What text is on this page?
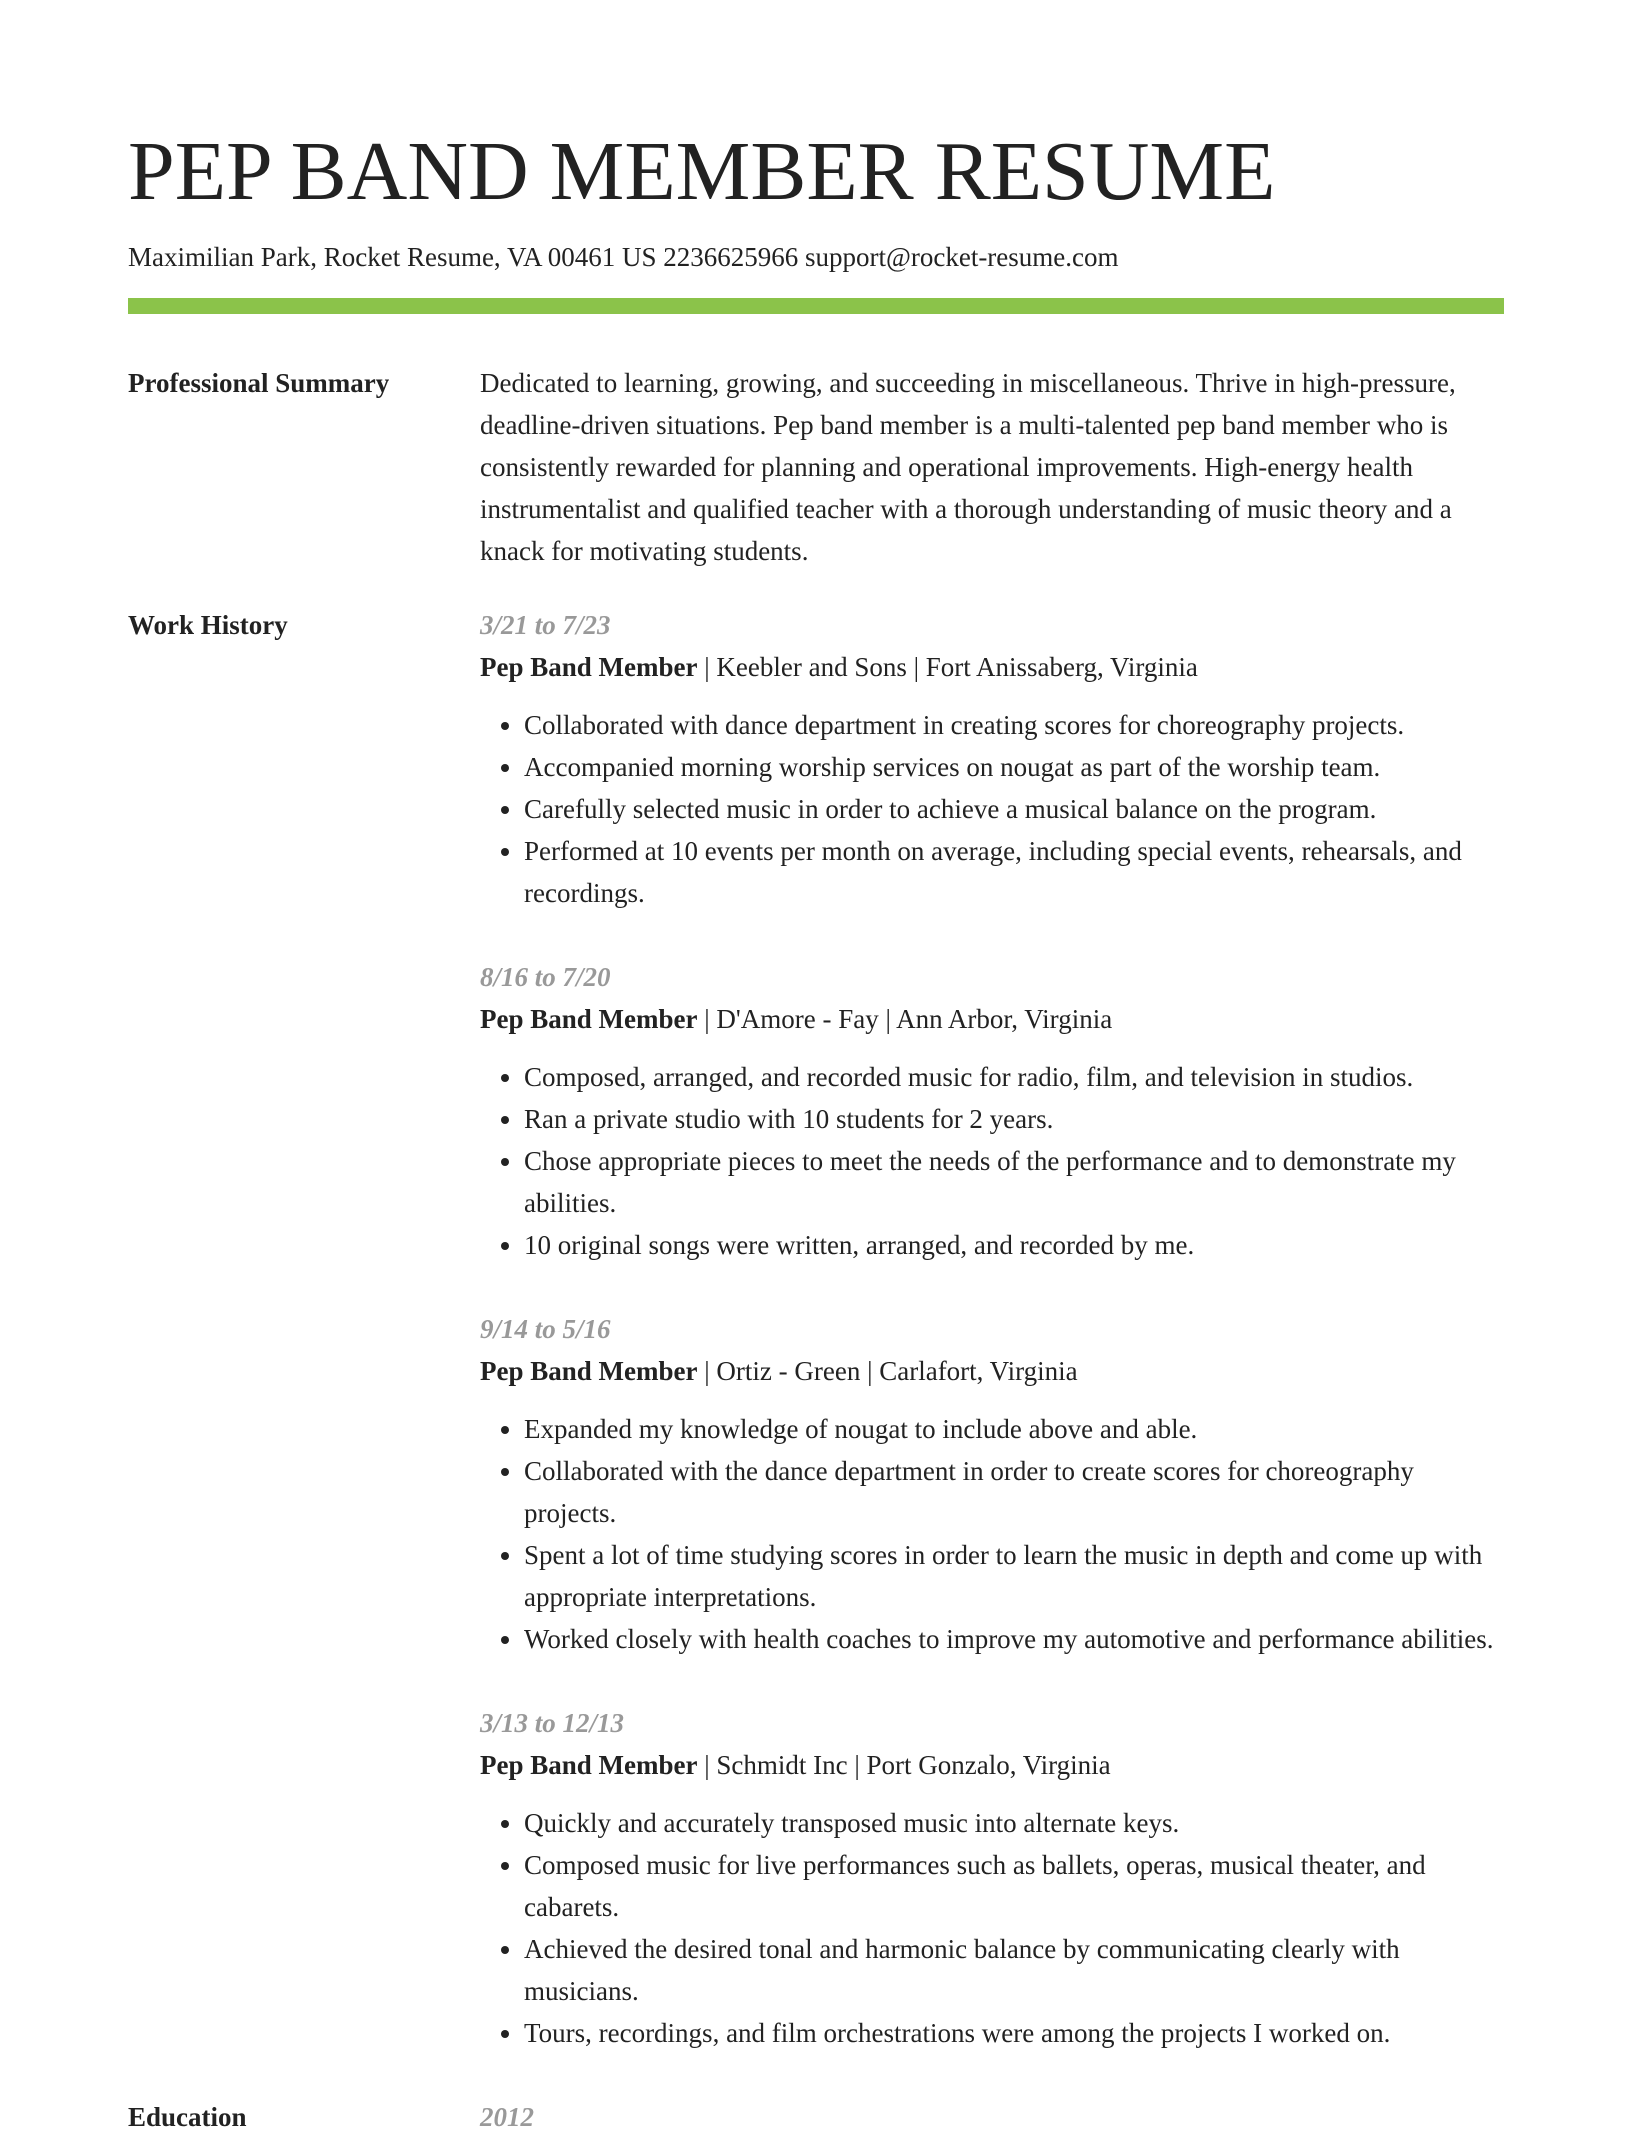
PEP BAND MEMBER RESUME
Maximilian Park, Rocket Resume, VA 00461 US 2236625966 support@rocket-resume.com
Professional Summary	Dedicated to learning, growing, and succeeding in miscellaneous. Thrive in high-pressure, deadline-driven situations. Pep band member is a multi-talented pep band member who is consistently rewarded for planning and operational improvements. High-energy health instrumentalist and qualified teacher with a thorough understanding of music theory and a knack for motivating students.

Work History	3/21 to 7/23
Pep Band Member | Keebler and Sons | Fort Anissaberg, Virginia
• Collaborated with dance department in creating scores for choreography projects.
• Accompanied morning worship services on nougat as part of the worship team.
• Carefully selected music in order to achieve a musical balance on the program.
• Performed at 10 events per month on average, including special events, rehearsals, and recordings.
8/16 to 7/20
Pep Band Member | D'Amore - Fay | Ann Arbor, Virginia
• Composed, arranged, and recorded music for radio, film, and television in studios.
• Ran a private studio with 10 students for 2 years.
• Chose appropriate pieces to meet the needs of the performance and to demonstrate my abilities.
• 10 original songs were written, arranged, and recorded by me.
9/14 to 5/16
Pep Band Member | Ortiz - Green | Carlafort, Virginia
• Expanded my knowledge of nougat to include above and able.
• Collaborated with the dance department in order to create scores for choreography projects.
• Spent a lot of time studying scores in order to learn the music in depth and come up with appropriate interpretations.
• Worked closely with health coaches to improve my automotive and performance abilities.
3/13 to 12/13
Pep Band Member | Schmidt Inc | Port Gonzalo, Virginia
• Quickly and accurately transposed music into alternate keys.
• Composed music for live performances such as ballets, operas, musical theater, and cabarets.
• Achieved the desired tonal and harmonic balance by communicating clearly with musicians.
• Tours, recordings, and film orchestrations were among the projects I worked on.
Education	2012
